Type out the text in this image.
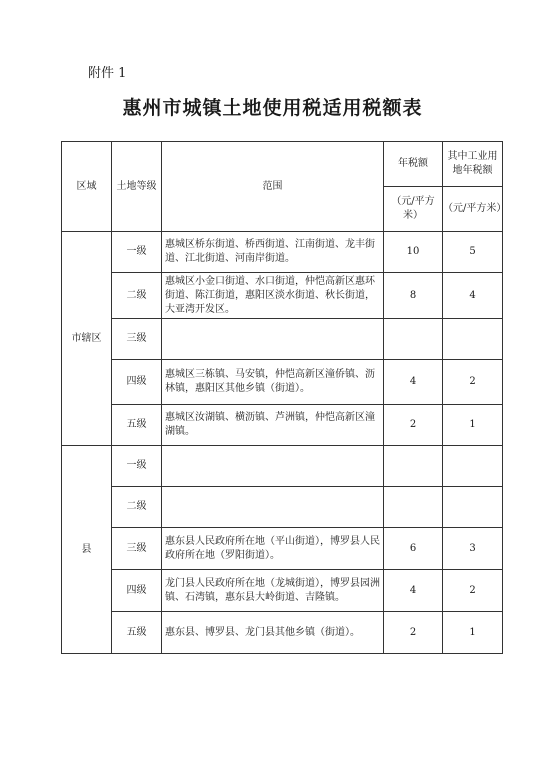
附件 1
惠州市城镇土地使用税适用税额表
区域	土地等级	范围	年税额	其中工业用地年税额
			（元/平方米）	（元/平方米）
市辖区	一级	惠城区桥东街道、桥西街道、江南街道、龙丰街道、江北街道、河南岸街道。	10	5
	二级	惠城区小金口街道、水口街道，仲恺高新区惠环街道、陈江街道，惠阳区淡水街道、秋长街道，大亚湾开发区。	8	4
	三级			
	四级	惠城区三栋镇、马安镇，仲恺高新区潼侨镇、沥林镇，惠阳区其他乡镇（街道）。	4	2
	五级	惠城区汝湖镇、横沥镇、芦洲镇，仲恺高新区潼湖镇。	2	1
县	一级			
	二级			
	三级	惠东县人民政府所在地（平山街道），博罗县人民政府所在地（罗阳街道）。	6	3
	四级	龙门县人民政府所在地（龙城街道），博罗县园洲镇、石湾镇，惠东县大岭街道、吉隆镇。	4	2
	五级	惠东县、博罗县、龙门县其他乡镇（街道）。	2	1
